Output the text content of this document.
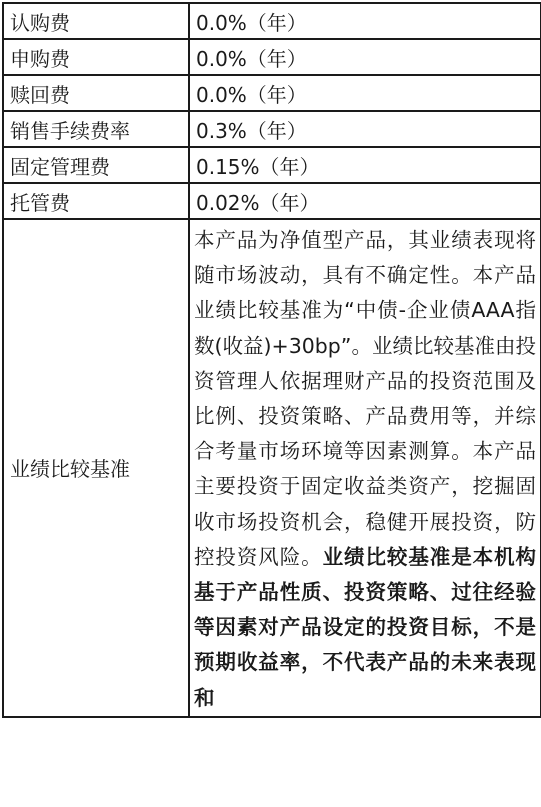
认购费	0.0%（年）
申购费	0.0%（年）
赎回费	0.0%（年）
销售手续费率	0.3%（年）
固定管理费	0.15%（年）
托管费	0.02%（年）
业绩比较基准	本产品为净值型产品，其业绩表现将随市场波动，具有不确定性。本产品业绩比较基准为“中债-企业债AAA指数(收益)+30bp”。业绩比较基准由投资管理人依据理财产品的投资范围及比例、投资策略、产品费用等，并综合考量市场环境等因素测算。本产品主要投资于固定收益类资产，挖掘固收市场投资机会，稳健开展投资，防控投资风险。业绩比较基准是本机构基于产品性质、投资策略、过往经验等因素对产品设定的投资目标，不是预期收益率，不代表产品的未来表现和
